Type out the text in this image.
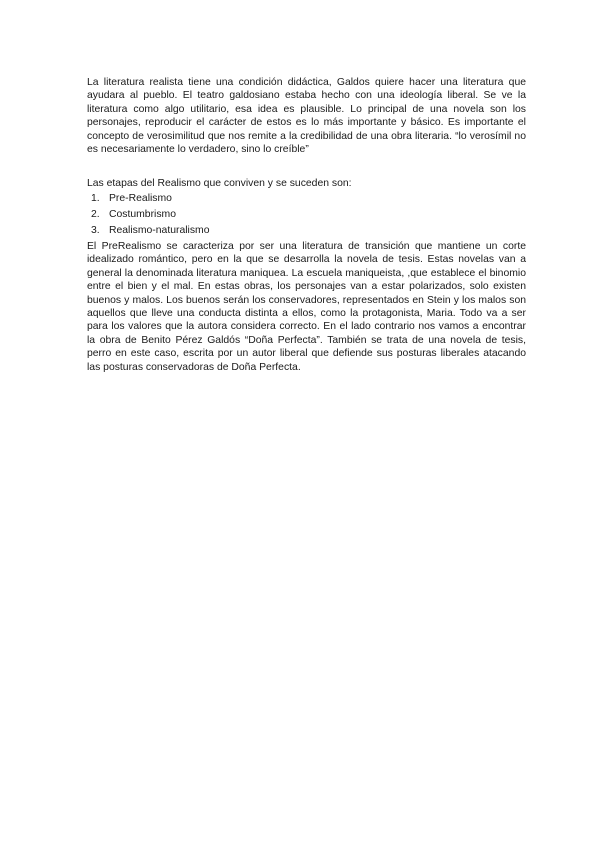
La literatura realista tiene una condición didáctica, Galdos quiere hacer una literatura que ayudara al pueblo. El teatro galdosiano estaba hecho con una ideología liberal. Se ve la literatura como algo utilitario, esa idea es plausible. Lo principal de una novela son los personajes, reproducir el carácter de estos es lo más importante y básico. Es importante el concepto de verosimilitud que nos remite a la credibilidad de una obra literaria. “lo verosímil no es necesariamente lo verdadero, sino lo creíble”

Las etapas del Realismo que conviven y se suceden son:

1. Pre-Realismo
2. Costumbrismo
3. Realismo-naturalismo

El PreRealismo se caracteriza por ser una literatura de transición que mantiene un corte idealizado romántico, pero en la que se desarrolla la novela de tesis. Estas novelas van a general la denominada literatura maniquea. La escuela maniqueista, ,que establece el binomio entre el bien y el mal. En estas obras, los personajes van a estar polarizados, solo existen buenos y malos. Los buenos serán los conservadores, representados en Stein y los malos son aquellos que lleve una conducta distinta a ellos, como la protagonista, Maria. Todo va a ser para los valores que la autora considera correcto. En el lado contrario nos vamos a encontrar la obra de Benito Pérez Galdós “Doña Perfecta”. También se trata de una novela de tesis, perro en este caso, escrita por un autor liberal que defiende sus posturas liberales atacando las posturas conservadoras de Doña Perfecta.
